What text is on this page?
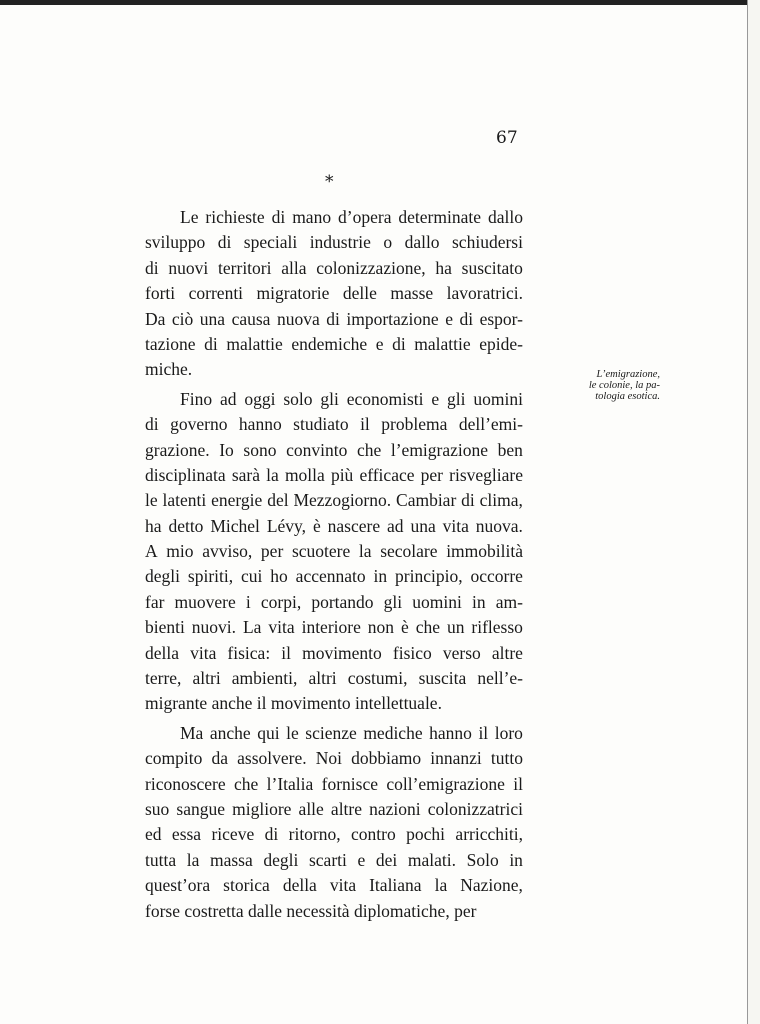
67
*
L’emigrazione,
le colonie, la pa-
tologia esotica.
    Le richieste di mano d’opera determinate dallo
sviluppo di speciali industrie o dallo schiudersi
di nuovi territori alla colonizzazione, ha suscitato
forti correnti migratorie delle masse lavoratrici.
Da ciò una causa nuova di importazione e di espor-
tazione di malattie endemiche e di malattie epide-
miche.
    Fino ad oggi solo gli economisti e gli uomini
di governo hanno studiato il problema dell’emi-
grazione. Io sono convinto che l’emigrazione ben
disciplinata sarà la molla più efficace per risvegliare
le latenti energie del Mezzogiorno. Cambiar di clima,
ha detto Michel Lévy, è nascere ad una vita nuova.
A mio avviso, per scuotere la secolare immobilità
degli spiriti, cui ho accennato in principio, occorre
far muovere i corpi, portando gli uomini in am-
bienti nuovi. La vita interiore non è che un riflesso
della vita fisica: il movimento fisico verso altre
terre, altri ambienti, altri costumi, suscita nell’e-
migrante anche il movimento intellettuale.
    Ma anche qui le scienze mediche hanno il loro
compito da assolvere. Noi dobbiamo innanzi tutto
riconoscere che l’Italia fornisce coll’emigrazione il
suo sangue migliore alle altre nazioni colonizzatrici
ed essa riceve di ritorno, contro pochi arricchiti,
tutta la massa degli scarti e dei malati. Solo in
quest’ora storica della vita Italiana la Nazione,
forse costretta dalle necessità diplomatiche, per
